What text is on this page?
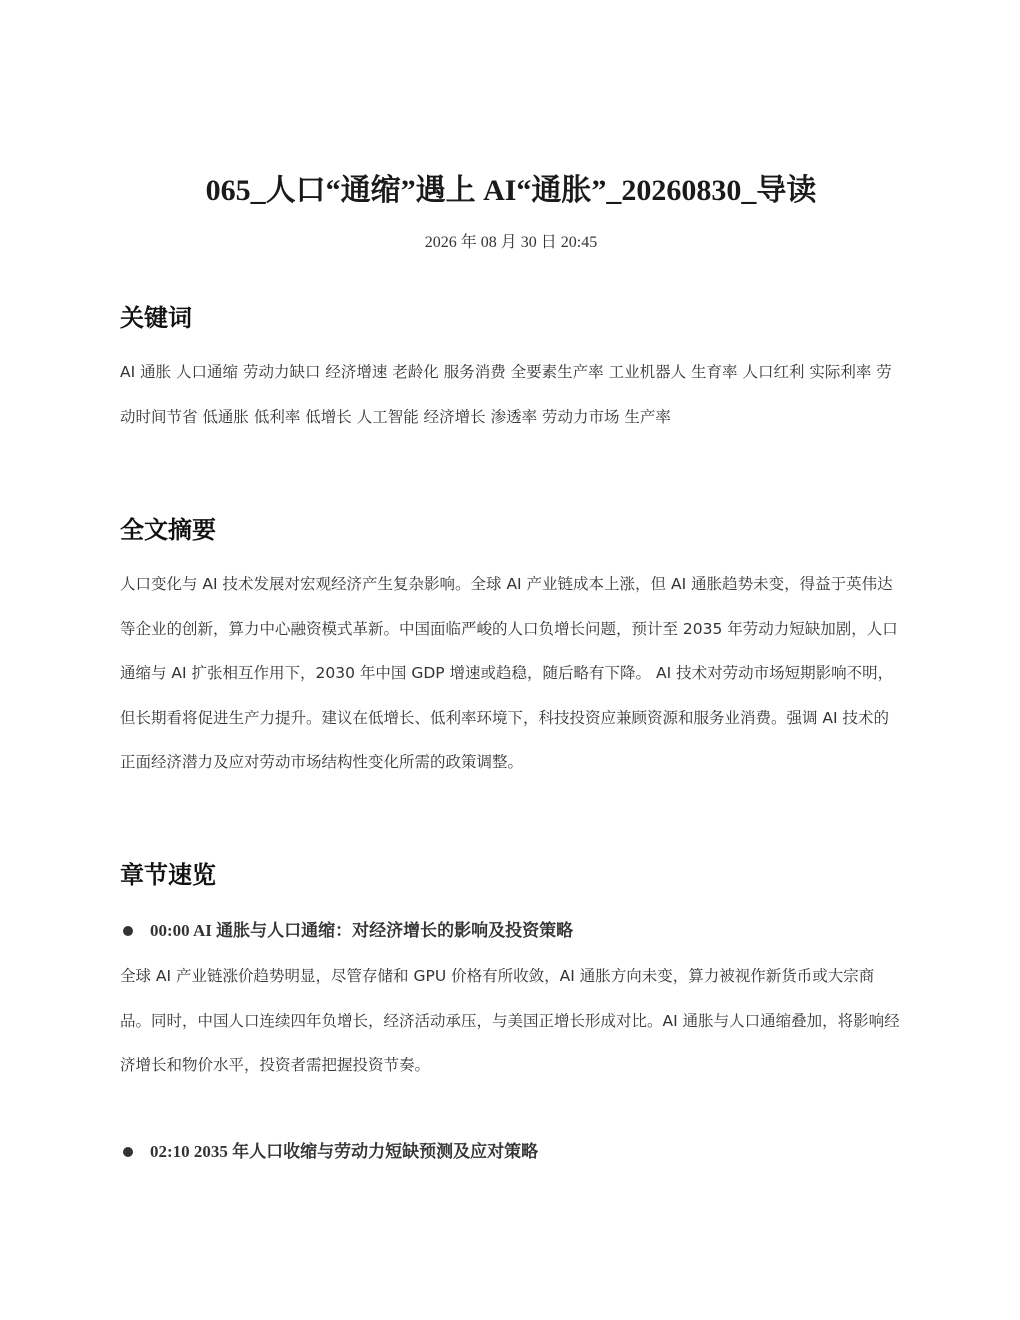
065_人口“通缩”遇上 AI“通胀”_20260830_导读
2026 年 08 月 30 日 20:45
关键词

AI 通胀 人口通缩 劳动力缺口 经济增速 老龄化 服务消费 全要素生产率 工业机器人 生育率 人口红利 实际利率 劳动时间节省 低通胀 低利率 低增长 人工智能 经济增长 渗透率 劳动力市场 生产率

全文摘要

人口变化与 AI 技术发展对宏观经济产生复杂影响。全球 AI 产业链成本上涨，但 AI 通胀趋势未变，得益于英伟达等企业的创新，算力中心融资模式革新。中国面临严峻的人口负增长问题，预计至 2035 年劳动力短缺加剧，人口通缩与 AI 扩张相互作用下，2030 年中国 GDP 增速或趋稳，随后略有下降。 AI 技术对劳动市场短期影响不明，但长期看将促进生产力提升。建议在低增长、低利率环境下，科技投资应兼顾资源和服务业消费。强调 AI 技术的正面经济潜力及应对劳动市场结构性变化所需的政策调整。

章节速览
00:00 AI 通胀与人口通缩：对经济增长的影响及投资策略

全球 AI 产业链涨价趋势明显，尽管存储和 GPU 价格有所收敛，AI 通胀方向未变，算力被视作新货币或大宗商品。同时，中国人口连续四年负增长，经济活动承压，与美国正增长形成对比。AI 通胀与人口通缩叠加，将影响经济增长和物价水平，投资者需把握投资节奏。

02:10 2035 年人口收缩与劳动力短缺预测及应对策略
